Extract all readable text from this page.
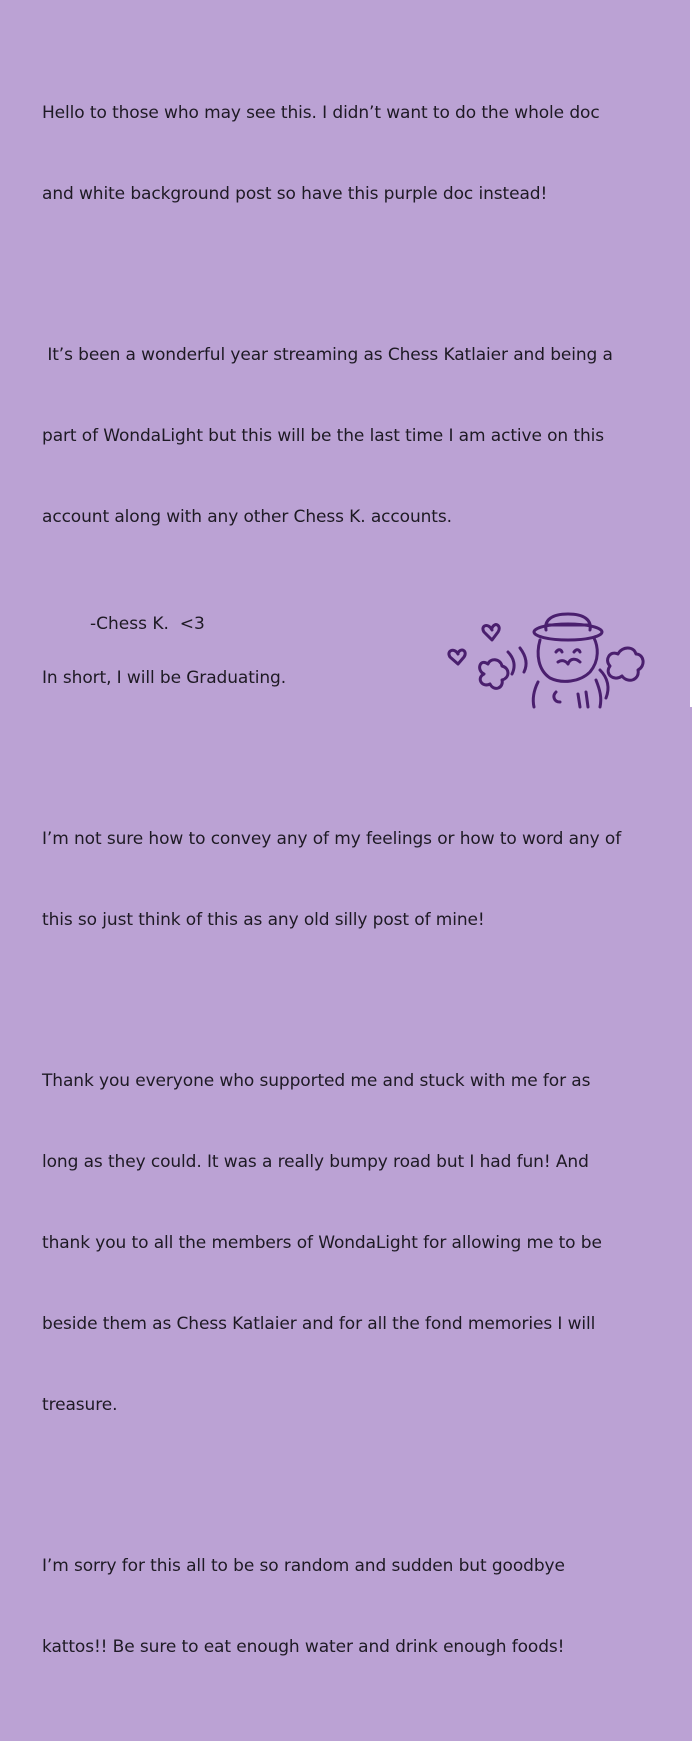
Hello to those who may see this. I didn’t want to do the whole doc

and white background post so have this purple doc instead!

It’s been a wonderful year streaming as Chess Katlaier and being a

part of WondaLight but this will be the last time I am active on this

account along with any other Chess K. accounts.

In short, I will be Graduating.

I’m not sure how to convey any of my feelings or how to word any of

this so just think of this as any old silly post of mine!

Thank you everyone who supported me and stuck with me for as

long as they could. It was a really bumpy road but I had fun! And

thank you to all the members of WondaLight for allowing me to be

beside them as Chess Katlaier and for all the fond memories I will

treasure.

I’m sorry for this all to be so random and sudden but goodbye

kattos!! Be sure to eat enough water and drink enough foods!

-Chess K.  <3
